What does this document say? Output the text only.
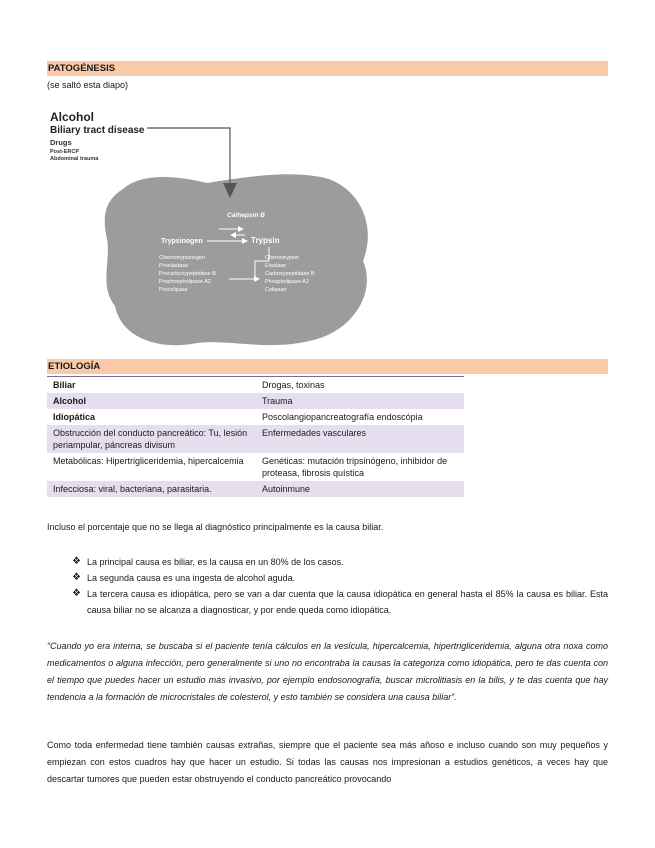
PATOGÉNESIS
(se saltó esta diapo)
Alcohol
Biliary tract disease
Drugs
Post-ERCP
Abdominal trauma
Cathepsin B
Trypsinogen	Trypsin
Chemotrypsinogen
Proelastase
Procarboxypeptidase B
Prophospholipase A2
Procolipase
Chemotrypsin
Elastase
Carboxypeptidase B
Phospholipase A2
Colipase
ETIOLOGÍA
Biliar	Drogas, toxinas
Alcohol	Trauma
Idiopática	Poscolangiopancreatografía endoscópia
Obstrucción del conducto pancreático: Tu, lesión periampular, páncreas divisum	Enfermedades vasculares
Metabólicas: Hipertrigliceridemia, hipercalcemia	Genéticas: mutación tripsinógeno, inhibidor de proteasa, fibrosis quística
Infecciosa: viral, bacteriana, parasitaria.	Autoinmune
Incluso el porcentaje que no se llega al diagnóstico principalmente es la causa biliar.
❖ La principal causa es biliar, es la causa en un 80% de los casos.
❖ La segunda causa es una ingesta de alcohol aguda.
❖ La tercera causa es idiopática, pero se van a dar cuenta que la causa idiopática en general hasta el 85% la causa es biliar. Esta causa biliar no se alcanza a diagnosticar, y por ende queda como idiopática.
“Cuando yo era interna, se buscaba si el paciente tenía cálculos en la vesícula, hipercalcemia, hipertrigliceridemia, alguna otra noxa como medicamentos o alguna infección, pero generalmente si uno no encontraba la causas la categoriza como idiopática, pero te das cuenta con el tiempo que puedes hacer un estudio más invasivo, por ejemplo endosonografía, buscar microlitiasis en la bilis, y te das cuenta que hay tendencia a la formación de microcristales de colesterol, y esto también se considera una causa biliar”.
Como toda enfermedad tiene también causas extrañas, siempre que el paciente sea más añoso e incluso cuando son muy pequeños y empiezan con estos cuadros hay que hacer un estudio. Si todas las causas nos impresionan a estudios genéticos, a veces hay que descartar tumores que pueden estar obstruyendo el conducto pancreático provocando
